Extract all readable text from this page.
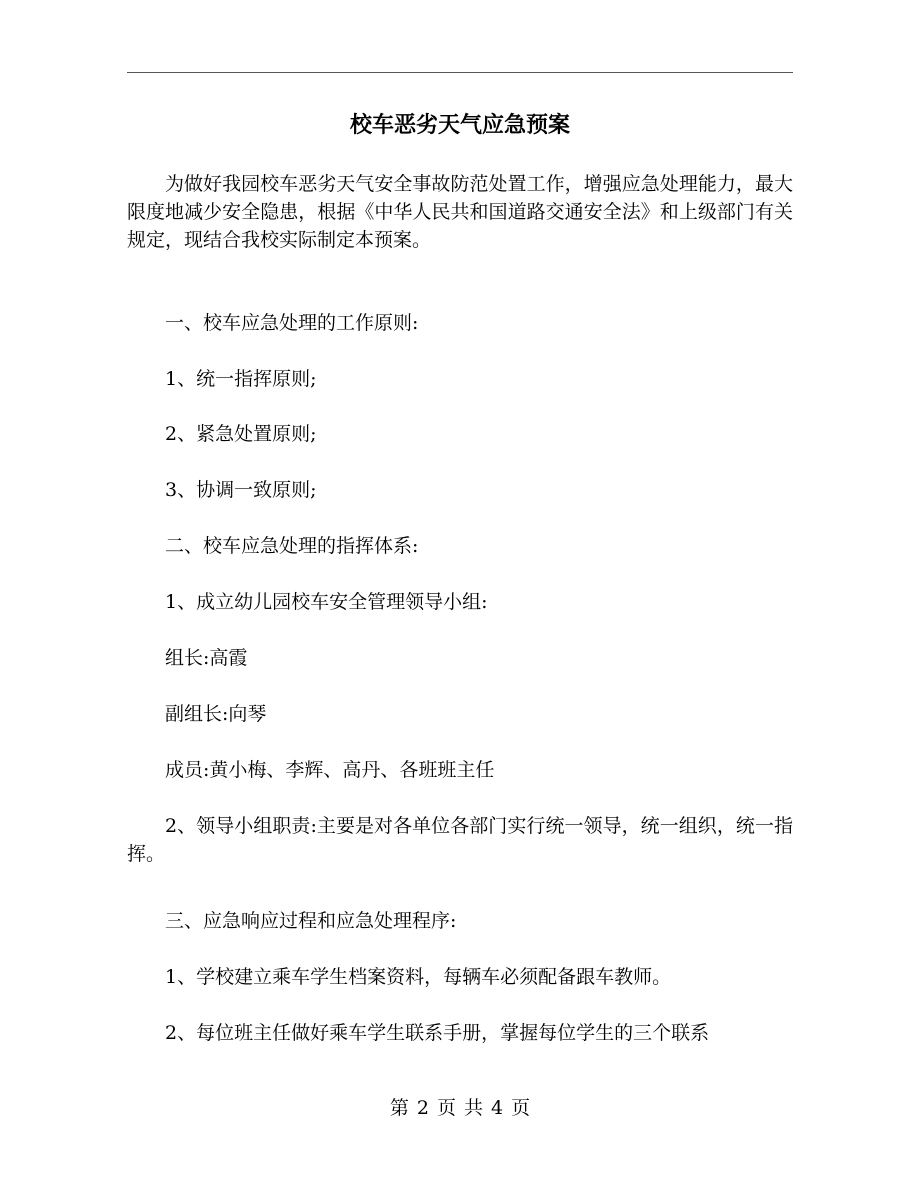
校车恶劣天气应急预案

为做好我园校车恶劣天气安全事故防范处置工作，增强应急处理能力，最大限度地减少安全隐患，根据《中华人民共和国道路交通安全法》和上级部门有关规定，现结合我校实际制定本预案。

一、校车应急处理的工作原则:

1、统一指挥原则;

2、紧急处置原则;

3、协调一致原则;

二、校车应急处理的指挥体系:

1、成立幼儿园校车安全管理领导小组:

组长:高霞

副组长:向琴

成员:黄小梅、李辉、高丹、各班班主任

2、领导小组职责:主要是对各单位各部门实行统一领导，统一组织，统一指挥。

三、应急响应过程和应急处理程序:

1、学校建立乘车学生档案资料，每辆车必须配备跟车教师。

2、每位班主任做好乘车学生联系手册，掌握每位学生的三个联系

第 2 页 共 4 页
